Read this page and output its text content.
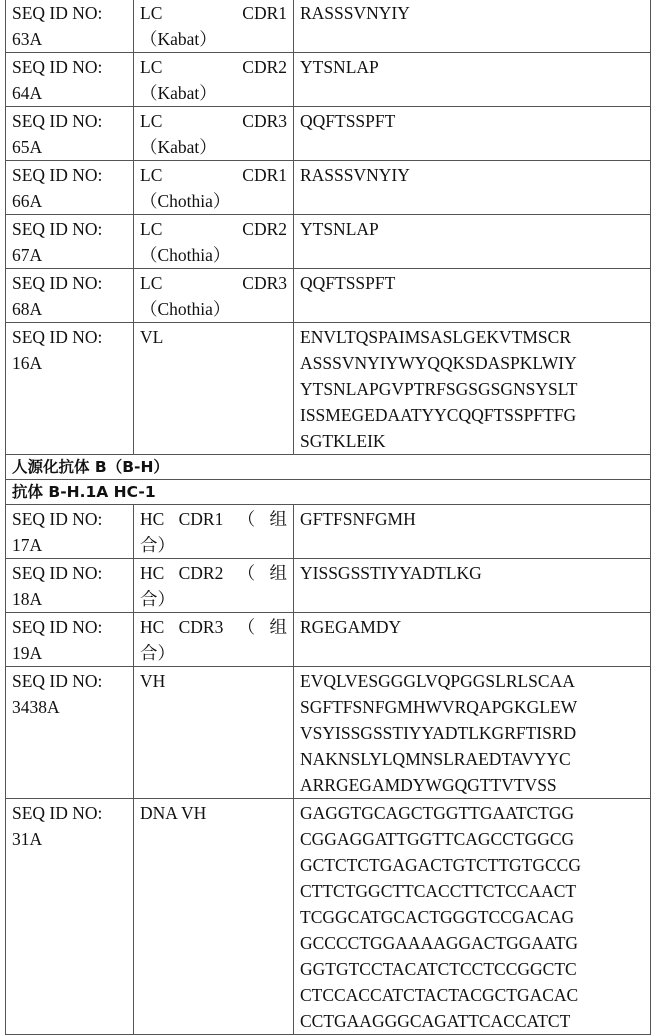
SEQ ID NO:
63A

LC	CDR1
（Kabat）

RASSSVNYIY

SEQ ID NO:
64A

LC	CDR2
（Kabat）

YTSNLAP

SEQ ID NO:
65A

LC	CDR3
（Kabat）

QQFTSSPFT

SEQ ID NO:
66A

LC	CDR1
（Chothia）

RASSSVNYIY

SEQ ID NO:
67A

LC	CDR2
（Chothia）

YTSNLAP

SEQ ID NO:
68A

LC	CDR3
（Chothia）

QQFTSSPFT

SEQ ID NO:
16A
	VL	ENVLTQSPAIMSASLGEKVTMSCR
ASSSVNYIYWYQQKSDASPKLWIY
YTSNLAPGVPTRFSGSGSGNSYSLT
ISSMEGEDAATYYCQQFTSSPFTFG
SGTKLEIK

人源化抗体 B（B-H）
抗体 B-H.1A HC-1

SEQ ID NO:
17A

HC CDR1 （ 组
合）

GFTFSNFGMH

SEQ ID NO:
18A

HC CDR2 （ 组
合）

YISSGSSTIYYADTLKG

SEQ ID NO:
19A

HC CDR3 （ 组
合）

RGEGAMDY

SEQ ID NO:
3438A
	VH	EVQLVESGGGLVQPGGSLRLSCAA
SGFTFSNFGMHWVRQAPGKGLEW
VSYISSGSSTIYYADTLKGRFTISRD
NAKNSLYLQMNSLRAEDTAVYYC
ARRGEGAMDYWGQGTTVTVSS

SEQ ID NO:
31A
	DNA VH	GAGGTGCAGCTGGTTGAATCTGG
CGGAGGATTGGTTCAGCCTGGCG
GCTCTCTGAGACTGTCTTGTGCCG
CTTCTGGCTTCACCTTCTCCAACT
TCGGCATGCACTGGGTCCGACAG
GCCCCTGGAAAAGGACTGGAATG
GGTGTCCTACATCTCCTCCGGCTC
CTCCACCATCTACTACGCTGACAC
CCTGAAGGGCAGATTCACCATCT
